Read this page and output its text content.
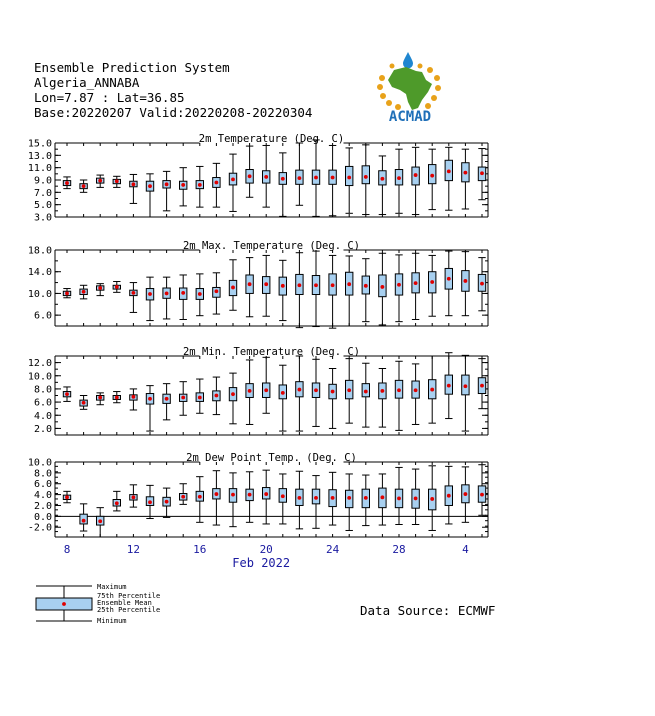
Ensemble Prediction System
Algeria_ANNABA
Lon=7.87 : Lat=36.85
Base:20220207 Valid:20220208-20220304	ACMAD
2m Temperature (Deg. C)
3.0
5.0
7.0
9.0
11.0
13.0
15.0
2m Max. Temperature (Deg. C)
6.0
10.0
14.0
18.0
2m Min. Temperature (Deg. C)
2.0
4.0
6.0
8.0
10.0
12.0
2m Dew Point Temp. (Deg. C)
-2.0
0.0
2.0
4.0
6.0
8.0
10.0
8	12	16	20	24	28	4
Feb 2022
Maximum
75th Percentile
Ensemble Mean
25th Percentile
Minimum
Data Source: ECMWF
